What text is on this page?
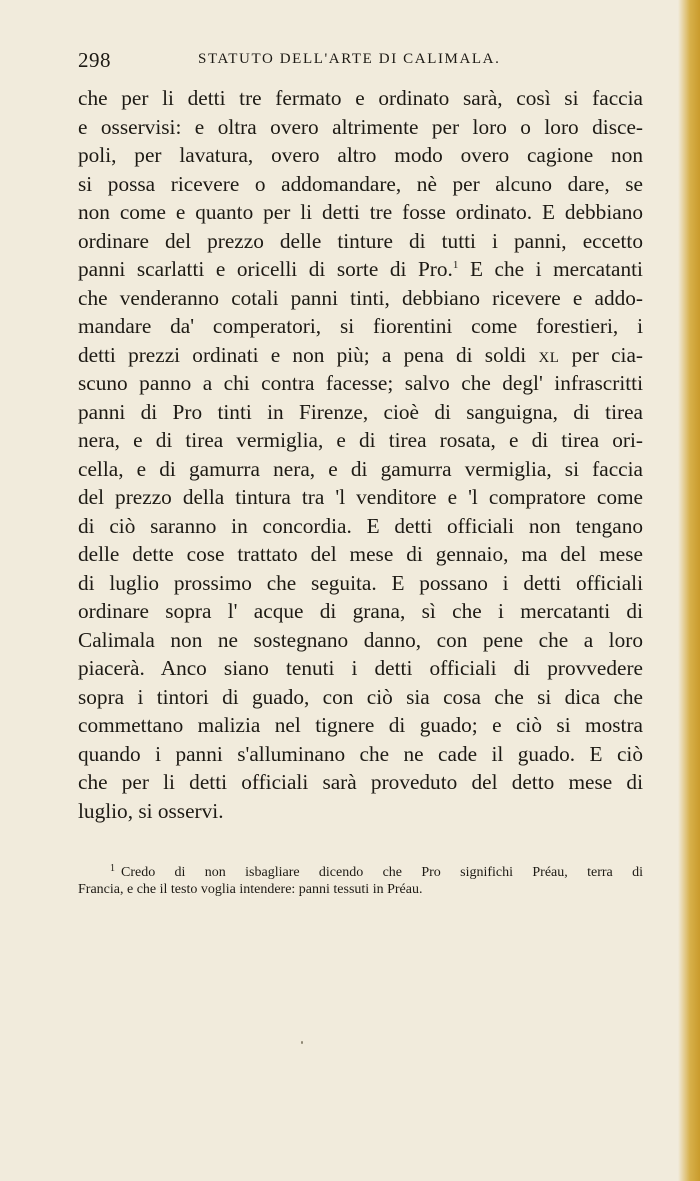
298	STATUTO DELL'ARTE DI CALIMALA.
che per li detti tre fermato e ordinato sarà, così si faccia
e osservisi: e oltra overo altrimente per loro o loro disce-
poli, per lavatura, overo altro modo overo cagione non
si possa ricevere o addomandare, nè per alcuno dare, se
non come e quanto per li detti tre fosse ordinato. E debbiano
ordinare del prezzo delle tinture di tutti i panni, eccetto
panni scarlatti e oricelli di sorte di Pro.$^1$ E che i mercatanti
che venderanno cotali panni tinti, debbiano ricevere e addo-
mandare da' comperatori, si fiorentini come forestieri, i
detti prezzi ordinati e non più; a pena di soldi XL per cia-
scuno panno a chi contra facesse; salvo che degl' infrascritti
panni di Pro tinti in Firenze, cioè di sanguigna, di tirea
nera, e di tirea vermiglia, e di tirea rosata, e di tirea ori-
cella, e di gamurra nera, e di gamurra vermiglia, si faccia
del prezzo della tintura tra 'l venditore e 'l compratore come
di ciò saranno in concordia. E detti officiali non tengano
delle dette cose trattato del mese di gennaio, ma del mese
di luglio prossimo che seguita. E possano i detti officiali
ordinare sopra l' acque di grana, sì che i mercatanti di
Calimala non ne sostegnano danno, con pene che a loro
piacerà. Anco siano tenuti i detti officiali di provvedere
sopra i tintori di guado, con ciò sia cosa che si dica che
commettano malizia nel tignere di guado; e ciò si mostra
quando i panni s'alluminano che ne cade il guado. E ciò
che per li detti officiali sarà proveduto del detto mese di
luglio, si osservi.
$^1$ Credo di non isbagliare dicendo che Pro significhi Préau, terra di
Francia, e che il testo voglia intendere: panni tessuti in Préau.
